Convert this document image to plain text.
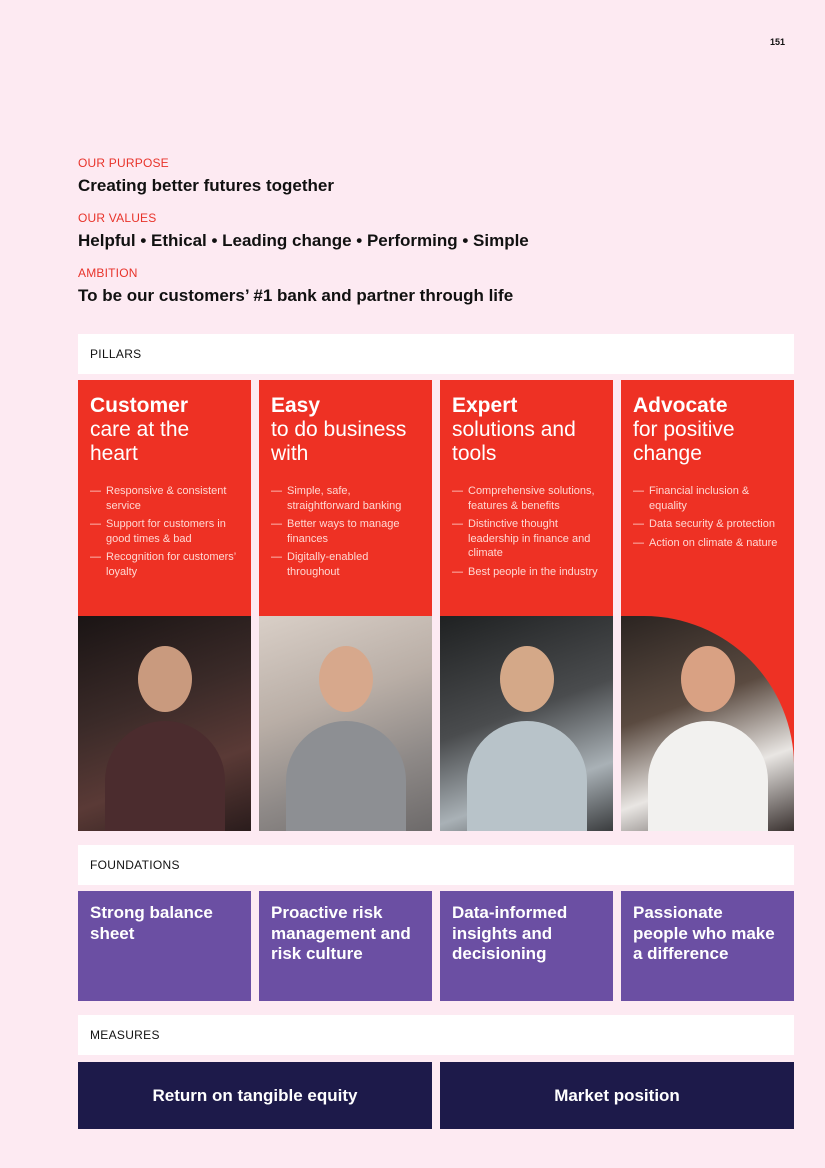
151
OUR PURPOSE
Creating better futures together
OUR VALUES
Helpful • Ethical • Leading change • Performing • Simple
AMBITION
To be our customers’ #1 bank and partner through life
PILLARS
Customer
care at the heart
— Responsive & consistent service
— Support for customers in good times & bad
— Recognition for customers’ loyalty
Easy
to do business with
— Simple, safe, straightforward banking
— Better ways to manage finances
— Digitally-enabled throughout
Expert
solutions and tools
— Comprehensive solutions, features & benefits
— Distinctive thought leadership in finance and climate
— Best people in the industry
Advocate
for positive change
— Financial inclusion & equality
— Data security & protection
— Action on climate & nature
FOUNDATIONS
Strong balance sheet
Proactive risk management and risk culture
Data-informed insights and decisioning
Passionate people who make a difference
MEASURES
Return on tangible equity	Market position
